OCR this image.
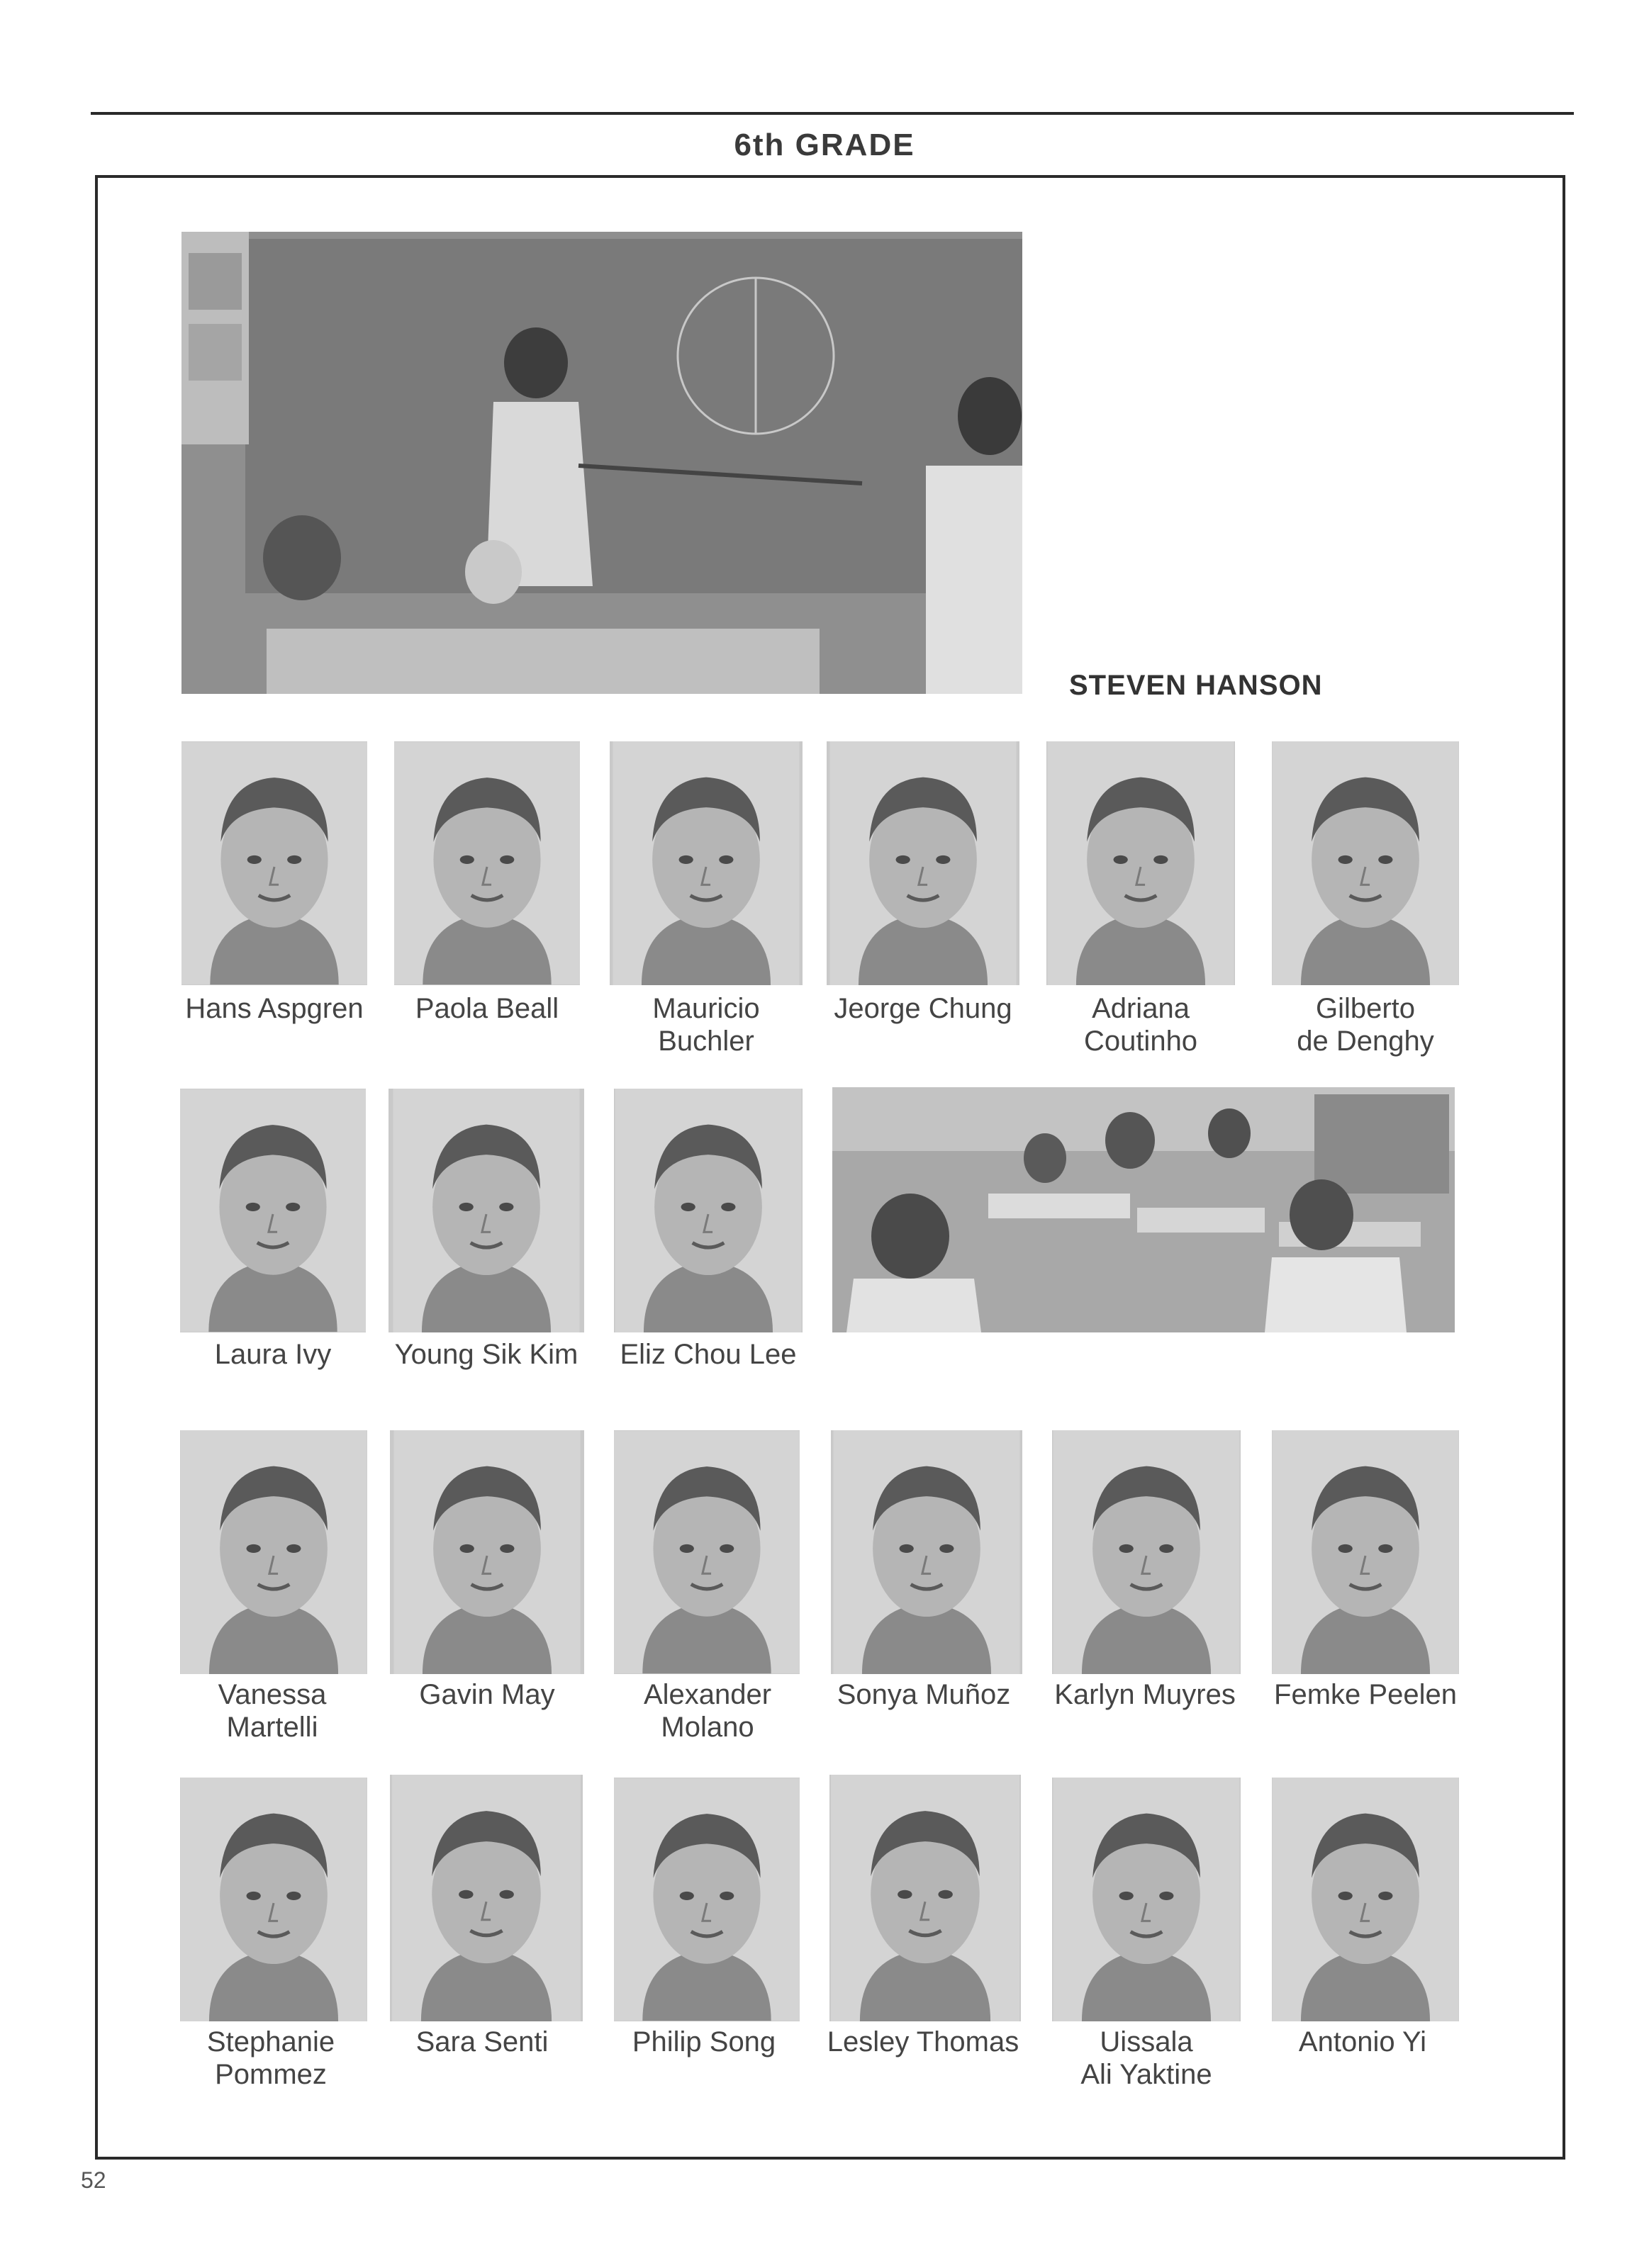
6th GRADE
STEVEN HANSON
Hans Aspgren	Paola Beall	Mauricio
Buchler
Jeorge Chung	Adriana
Coutinho
Gilberto
de Denghy
Laura Ivy	Young Sik Kim	Eliz Chou Lee
Vanessa
Martelli
Gavin May	Alexander
Molano
Sonya Muñoz	Karlyn Muyres	Femke Peelen
Stephanie
Pommez
Sara Senti	Philip Song	Lesley Thomas	Uissala
Ali Yaktine
Antonio Yi
52
